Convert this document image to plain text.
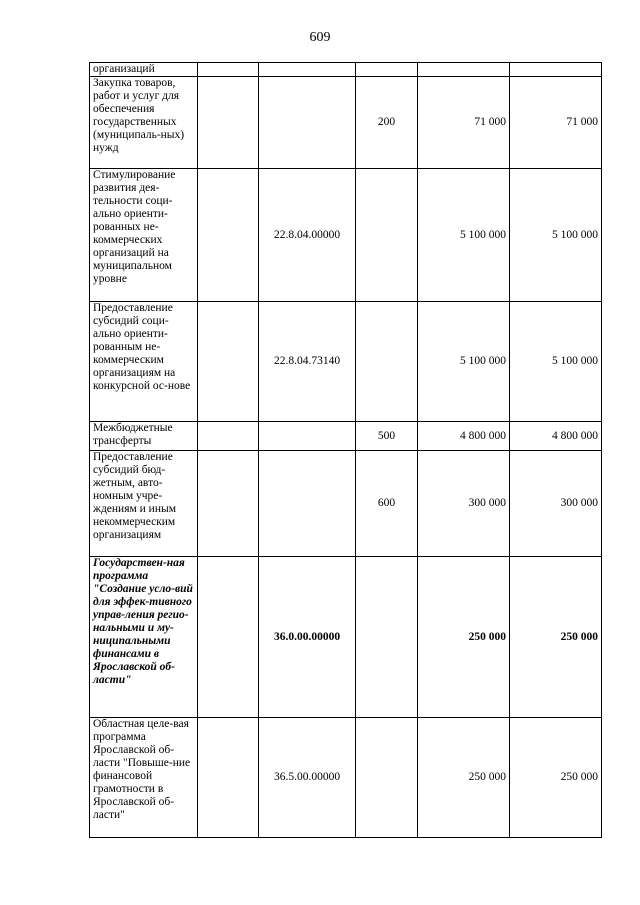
609
организаций					
Закупка товаров, работ и услуг для обеспечения государственных (муниципаль-ных) нужд			200	71 000	71 000
Стимулирование развития дея-тельности соци-ально ориенти-рованных не-коммерческих организаций на муниципальном уровне		22.8.04.00000		5 100 000	5 100 000
Предоставление субсидий соци-ально ориенти-рованным не-коммерческим организациям на конкурсной ос-нове		22.8.04.73140		5 100 000	5 100 000
Межбюджетные трансферты			500	4 800 000	4 800 000
Предоставление субсидий бюд-жетным, авто-номным учре-ждениям и иным некоммерческим организациям			600	300 000	300 000
Государствен-ная программа "Создание усло-вий для эффек-тивного управ-ления регио-нальными и му-ниципальными финансами в Ярославской об-ласти"		36.0.00.00000		250 000	250 000
Областная целе-вая программа Ярославской об-ласти "Повыше-ние финансовой грамотности в Ярославской об-ласти"		36.5.00.00000		250 000	250 000
